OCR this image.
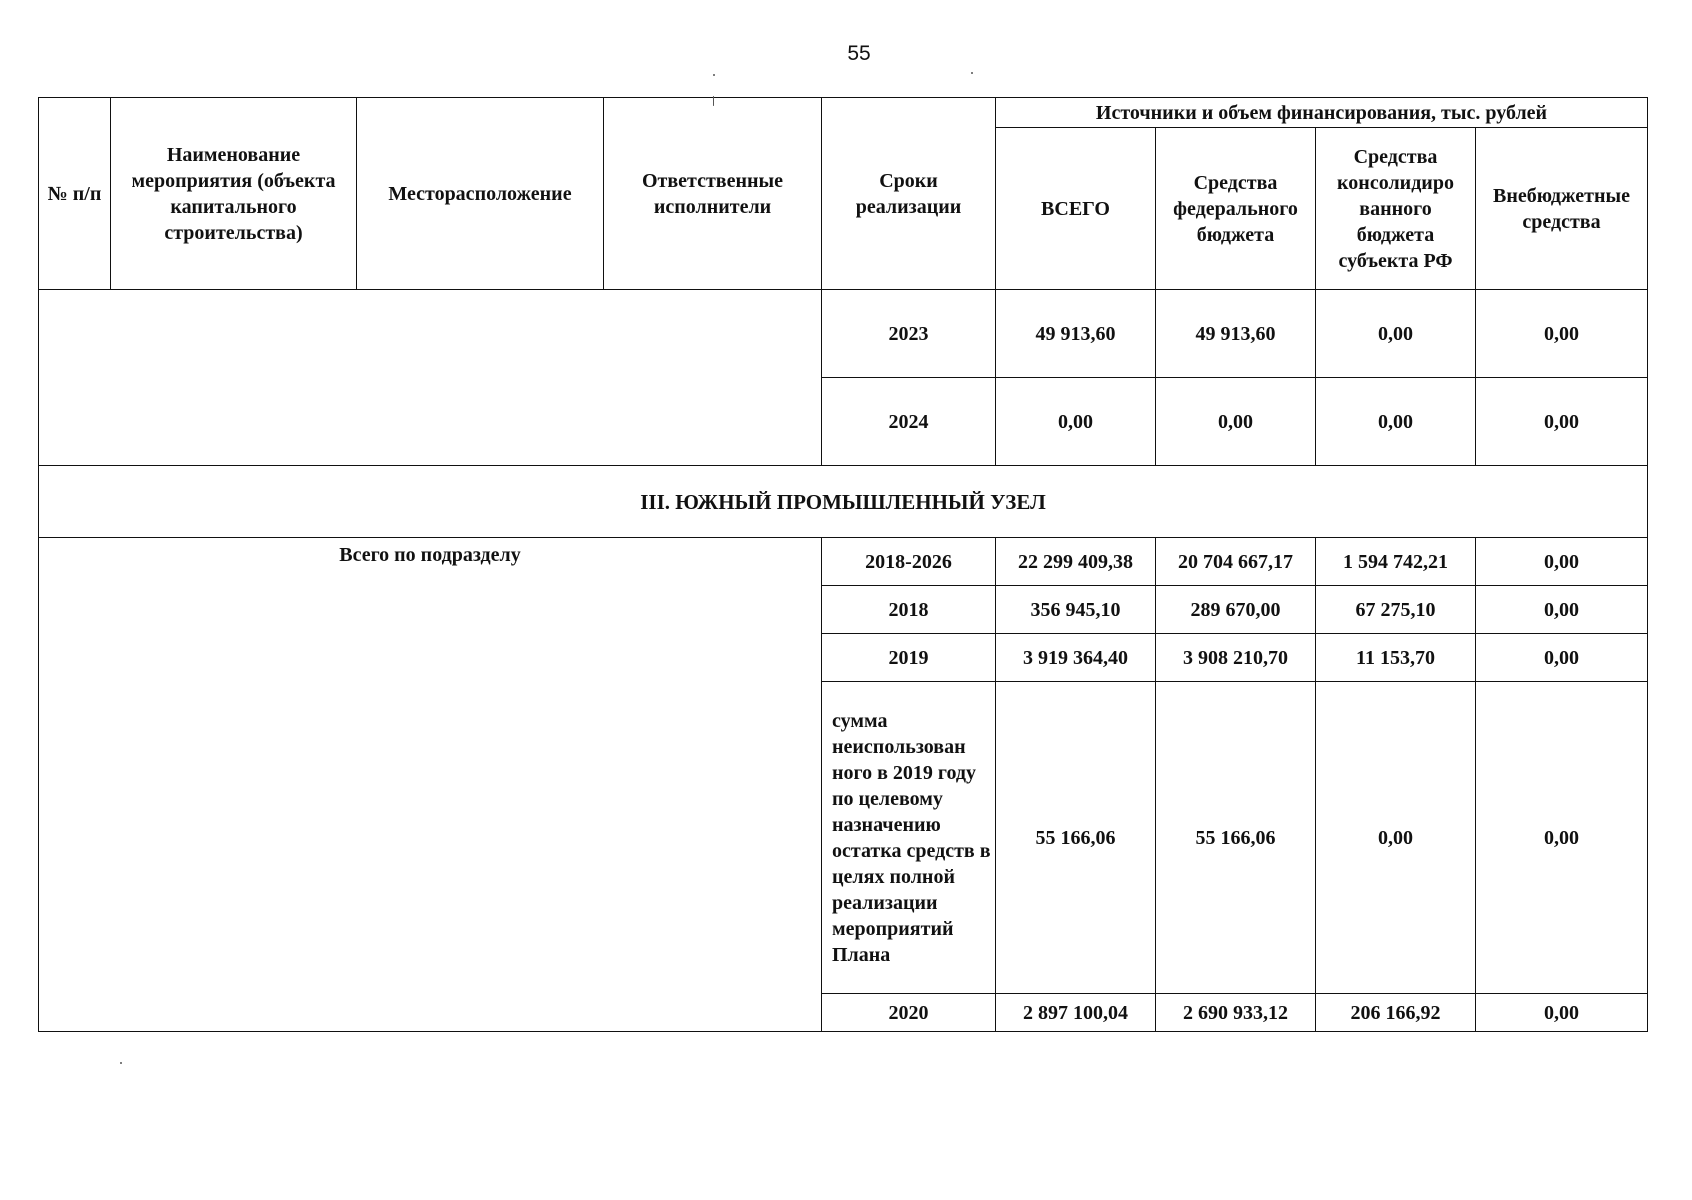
55
№ п/п	Наименование мероприятия (объекта капитального строительства)	Месторасположение	Ответственные исполнители	Сроки реализации	Источники и объем финансирования, тыс. рублей			
					ВСЕГО	Средства федерального бюджета	Средства консолидиро ванного бюджета субъекта РФ	Внебюджетные средства
				2023	49 913,60	49 913,60	0,00	0,00
				2024	0,00	0,00	0,00	0,00
III. ЮЖНЫЙ ПРОМЫШЛЕННЫЙ УЗЕЛ								
Всего по подразделу				2018-2026	22 299 409,38	20 704 667,17	1 594 742,21	0,00
				2018	356 945,10	289 670,00	67 275,10	0,00
				2019	3 919 364,40	3 908 210,70	11 153,70	0,00
				сумма неиспользован ного в 2019 году по целевому назначению остатка средств в целях полной реализации мероприятий Плана	55 166,06	55 166,06	0,00	0,00
				2020	2 897 100,04	2 690 933,12	206 166,92	0,00
